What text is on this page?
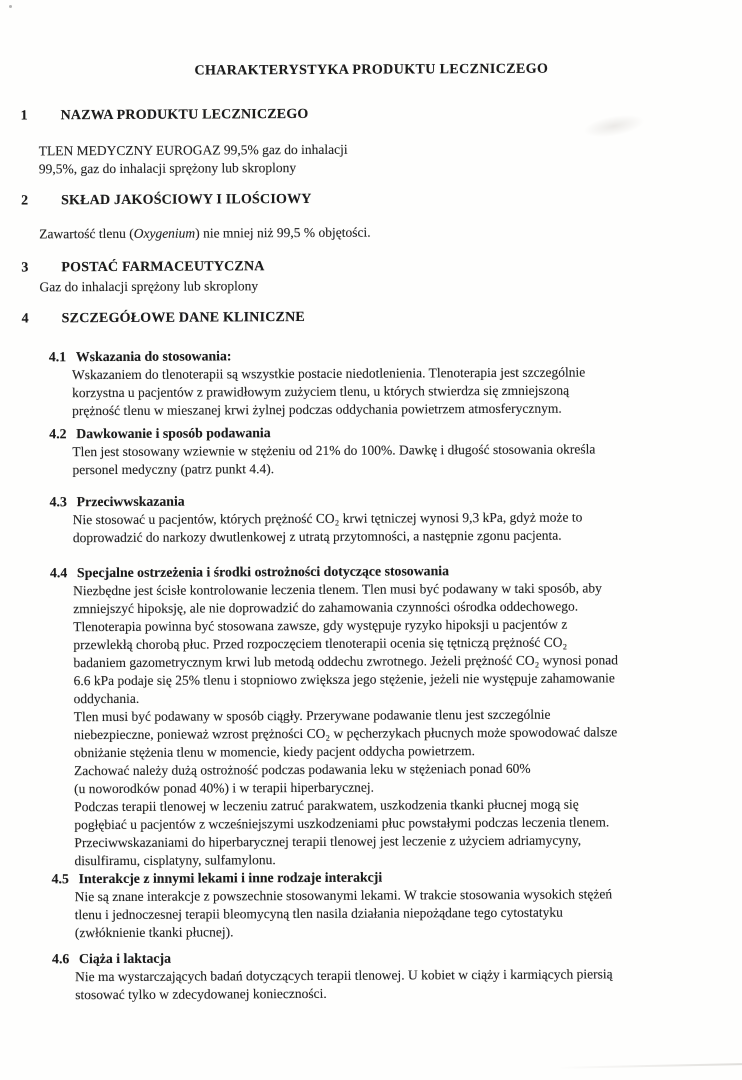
CHARAKTERYSTYKA PRODUKTU LECZNICZEGO
1	NAZWA PRODUKTU LECZNICZEGO
TLEN MEDYCZNY EUROGAZ 99,5% gaz do inhalacji
99,5%, gaz do inhalacji sprężony lub skroplony
2	SKŁAD JAKOŚCIOWY I ILOŚCIOWY
Zawartość tlenu (Oxygenium) nie mniej niż 99,5 % objętości.
3	POSTAĆ FARMACEUTYCZNA
Gaz do inhalacji sprężony lub skroplony
4	SZCZEGÓŁOWE DANE KLINICZNE
4.1 Wskazania do stosowania:
Wskazaniem do tlenoterapii są wszystkie postacie niedotlenienia. Tlenoterapia jest szczególnie
korzystna u pacjentów z prawidłowym zużyciem tlenu, u których stwierdza się zmniejszoną
prężność tlenu w mieszanej krwi żylnej podczas oddychania powietrzem atmosferycznym.
4.2 Dawkowanie i sposób podawania
Tlen jest stosowany wziewnie w stężeniu od 21% do 100%. Dawkę i długość stosowania określa
personel medyczny (patrz punkt 4.4).
4.3 Przeciwwskazania
Nie stosować u pacjentów, których prężność CO₂ krwi tętniczej wynosi 9,3 kPa, gdyż może to
doprowadzić do narkozy dwutlenkowej z utratą przytomności, a następnie zgonu pacjenta.
4.4 Specjalne ostrzeżenia i środki ostrożności dotyczące stosowania
Niezbędne jest ścisłe kontrolowanie leczenia tlenem. Tlen musi być podawany w taki sposób, aby
zmniejszyć hipoksję, ale nie doprowadzić do zahamowania czynności ośrodka oddechowego.
Tlenoterapia powinna być stosowana zawsze, gdy występuje ryzyko hipoksji u pacjentów z
przewlekłą chorobą płuc. Przed rozpoczęciem tlenoterapii ocenia się tętniczą prężność CO₂
badaniem gazometrycznym krwi lub metodą oddechu zwrotnego. Jeżeli prężność CO₂ wynosi ponad
6.6 kPa podaje się 25% tlenu i stopniowo zwiększa jego stężenie, jeżeli nie występuje zahamowanie
oddychania.
Tlen musi być podawany w sposób ciągły. Przerywane podawanie tlenu jest szczególnie
niebezpieczne, ponieważ wzrost prężności CO₂ w pęcherzykach płucnych może spowodować dalsze
obniżanie stężenia tlenu w momencie, kiedy pacjent oddycha powietrzem.
Zachować należy dużą ostrożność podczas podawania leku w stężeniach ponad 60%
(u noworodków ponad 40%) i w terapii hiperbarycznej.
Podczas terapii tlenowej w leczeniu zatruć parakwatem, uszkodzenia tkanki płucnej mogą się
pogłębiać u pacjentów z wcześniejszymi uszkodzeniami płuc powstałymi podczas leczenia tlenem.
Przeciwwskazaniami do hiperbarycznej terapii tlenowej jest leczenie z użyciem adriamycyny,
disulfiramu, cisplatyny, sulfamylonu.
4.5 Interakcje z innymi lekami i inne rodzaje interakcji
Nie są znane interakcje z powszechnie stosowanymi lekami. W trakcie stosowania wysokich stężeń
tlenu i jednoczesnej terapii bleomycyną tlen nasila działania niepożądane tego cytostatyku
(zwłóknienie tkanki płucnej).
4.6 Ciąża i laktacja
Nie ma wystarczających badań dotyczących terapii tlenowej. U kobiet w ciąży i karmiących piersią
stosować tylko w zdecydowanej konieczności.
